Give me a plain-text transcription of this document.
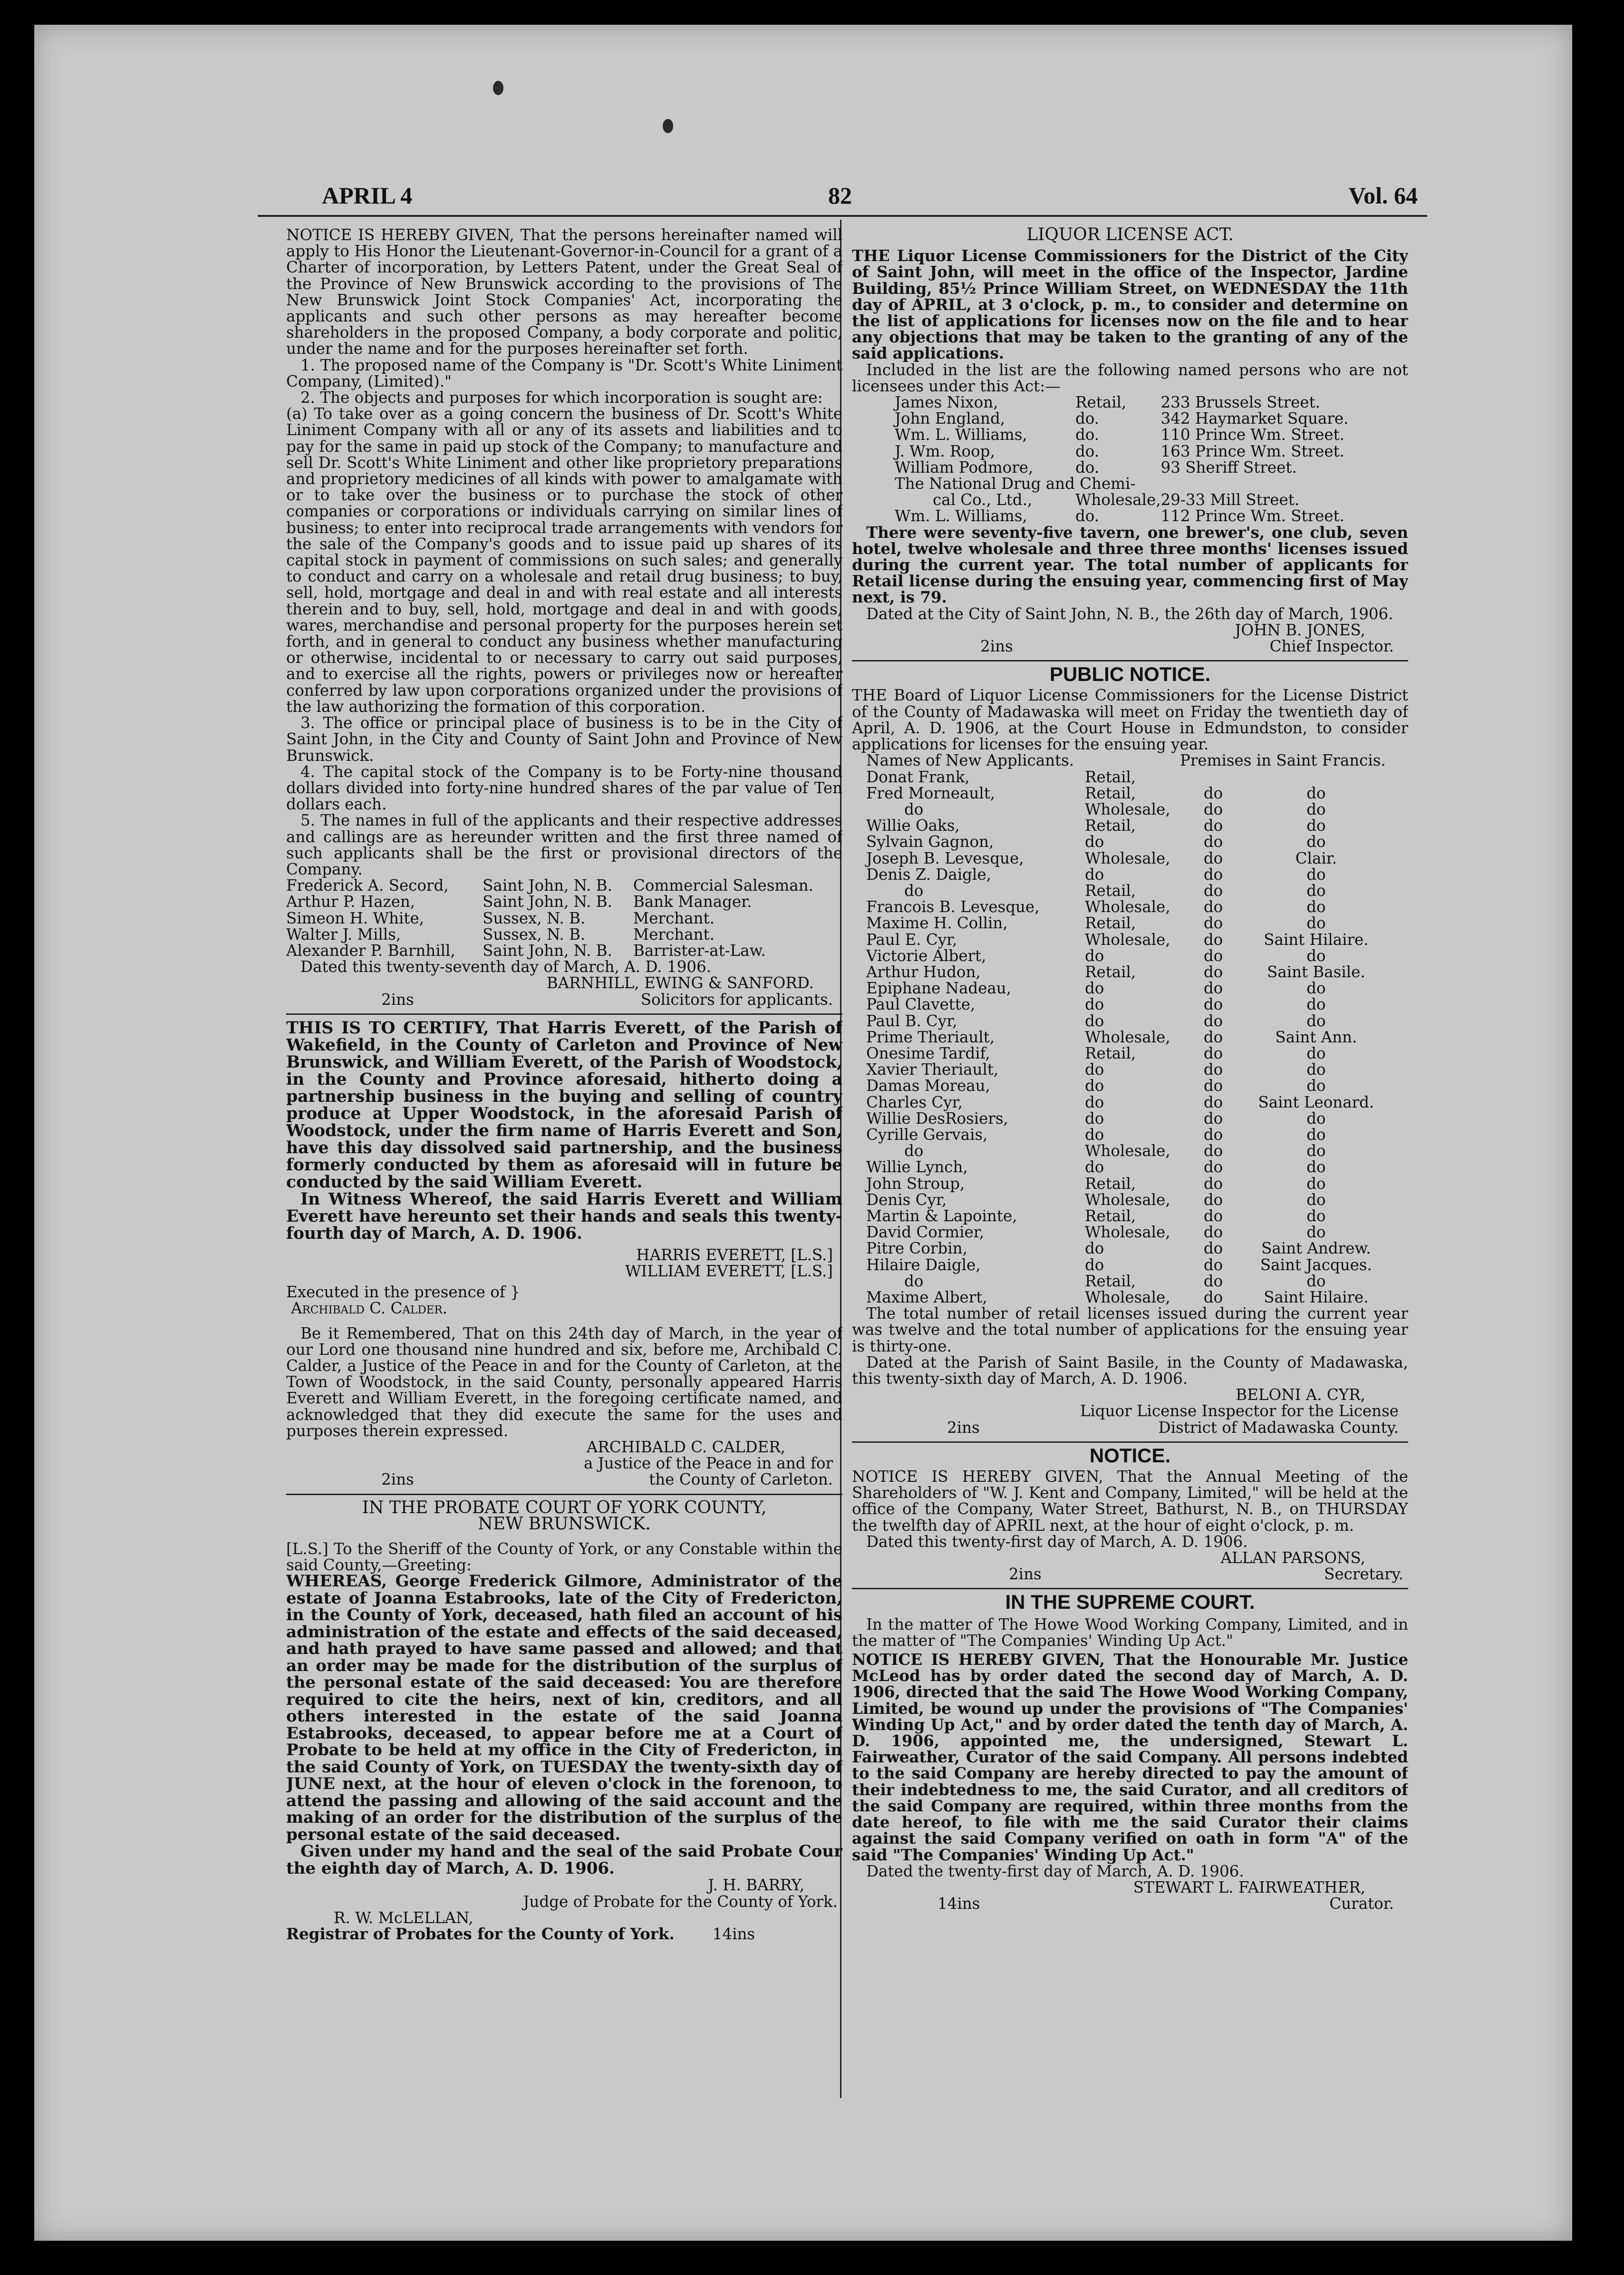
APRIL 4	82	Vol. 64

NOTICE IS HEREBY GIVEN, That the persons hereinafter named will apply to His Honor the Lieutenant-Governor-in-Council for a grant of a Charter of incorporation, by Letters Patent, under the Great Seal of the Province of New Brunswick according to the provisions of The New Brunswick Joint Stock Companies' Act, incorporating the applicants and such other persons as may hereafter become shareholders in the proposed Company, a body corporate and politic, under the name and for the purposes hereinafter set forth.

1. The proposed name of the Company is "Dr. Scott's White Liniment Company, (Limited)."

2. The objects and purposes for which incorporation is sought are:

(a) To take over as a going concern the business of Dr. Scott's White Liniment Company with all or any of its assets and liabilities and to pay for the same in paid up stock of the Company; to manufacture and sell Dr. Scott's White Liniment and other like proprietory preparations and proprietory medicines of all kinds with power to amalgamate with or to take over the business or to purchase the stock of other companies or corporations or individuals carrying on similar lines of business; to enter into reciprocal trade arrangements with vendors for the sale of the Company's goods and to issue paid up shares of its capital stock in payment of commissions on such sales; and generally to conduct and carry on a wholesale and retail drug business; to buy, sell, hold, mortgage and deal in and with real estate and all interests therein and to buy, sell, hold, mortgage and deal in and with goods, wares, merchandise and personal property for the purposes herein set forth, and in general to conduct any business whether manufacturing or otherwise, incidental to or necessary to carry out said purposes, and to exercise all the rights, powers or privileges now or hereafter conferred by law upon corporations organized under the provisions of the law authorizing the formation of this corporation.

3. The office or principal place of business is to be in the City of Saint John, in the City and County of Saint John and Province of New Brunswick.

4. The capital stock of the Company is to be Forty-nine thousand dollars divided into forty-nine hundred shares of the par value of Ten dollars each.

5. The names in full of the applicants and their respective addresses and callings are as hereunder written and the first three named of such applicants shall be the first or provisional directors of the Company.

Frederick A. Secord,	Saint John, N. B.	Commercial Salesman.
Arthur P. Hazen,	Saint John, N. B.	Bank Manager.
Simeon H. White,	Sussex, N. B.	Merchant.
Walter J. Mills,	Sussex, N. B.	Merchant.
Alexander P. Barnhill,	Saint John, N. B.	Barrister-at-Law.

Dated this twenty-seventh day of March, A. D. 1906.

BARNHILL, EWING & SANFORD.

2ins	Solicitors for applicants.

THIS IS TO CERTIFY, That Harris Everett, of the Parish of Wakefield, in the County of Carleton and Province of New Brunswick, and William Everett, of the Parish of Woodstock, in the County and Province aforesaid, hitherto doing a partnership business in the buying and selling of country produce at Upper Woodstock, in the aforesaid Parish of Woodstock, under the firm name of Harris Everett and Son, have this day dissolved said partnership, and the business formerly conducted by them as aforesaid will in future be conducted by the said William Everett.

In Witness Whereof, the said Harris Everett and William Everett have hereunto set their hands and seals this twenty-fourth day of March, A. D. 1906.

HARRIS EVERETT, [L.S.]

WILLIAM EVERETT, [L.S.]

Executed in the presence of }

Archibald C. Calder.

Be it Remembered, That on this 24th day of March, in the year of our Lord one thousand nine hundred and six, before me, Archibald C. Calder, a Justice of the Peace in and for the County of Carleton, at the Town of Woodstock, in the said County, personally appeared Harris Everett and William Everett, in the foregoing certificate named, and acknowledged that they did execute the same for the uses and purposes therein expressed.

ARCHIBALD C. CALDER,

a Justice of the Peace in and for

2ins	the County of Carleton.

IN THE PROBATE COURT OF YORK COUNTY,

NEW BRUNSWICK.

[L.S.] To the Sheriff of the County of York, or any Constable within the said County,—Greeting:

WHEREAS, George Frederick Gilmore, Administrator of the estate of Joanna Estabrooks, late of the City of Fredericton, in the County of York, deceased, hath filed an account of his administration of the estate and effects of the said deceased, and hath prayed to have same passed and allowed; and that an order may be made for the distribution of the surplus of the personal estate of the said deceased: You are therefore required to cite the heirs, next of kin, creditors, and all others interested in the estate of the said Joanna Estabrooks, deceased, to appear before me at a Court of Probate to be held at my office in the City of Fredericton, in the said County of York, on TUESDAY the twenty-sixth day of JUNE next, at the hour of eleven o'clock in the forenoon, to attend the passing and allowing of the said account and the making of an order for the distribution of the surplus of the personal estate of the said deceased.

Given under my hand and the seal of the said Probate Cour the eighth day of March, A. D. 1906.

J. H. BARRY,

Judge of Probate for the County of York.

R. W. McLELLAN,

Registrar of Probates for the County of York. 14ins

LIQUOR LICENSE ACT.

THE Liquor License Commissioners for the District of the City of Saint John, will meet in the office of the Inspector, Jardine Building, 85½ Prince William Street, on WEDNESDAY the 11th day of APRIL, at 3 o'clock, p. m., to consider and determine on the list of applications for licenses now on the file and to hear any objections that may be taken to the granting of any of the said applications.

Included in the list are the following named persons who are not licensees under this Act:—

James Nixon,	Retail,	233 Brussels Street.
John England,	do.	342 Haymarket Square.
Wm. L. Williams,	do.	110 Prince Wm. Street.
J. Wm. Roop,	do.	163 Prince Wm. Street.
William Podmore,	do.	93 Sheriff Street.
The National Drug and Chemi-		
cal Co., Ltd.,	Wholesale,	29-33 Mill Street.
Wm. L. Williams,	do.	112 Prince Wm. Street.

There were seventy-five tavern, one brewer's, one club, seven hotel, twelve wholesale and three three months' licenses issued during the current year. The total number of applicants for Retail license during the ensuing year, commencing first of May next, is 79.

Dated at the City of Saint John, N. B., the 26th day of March, 1906.

JOHN B. JONES,

2ins	Chief Inspector.

PUBLIC NOTICE.

THE Board of Liquor License Commissioners for the License District of the County of Madawaska will meet on Friday the twentieth day of April, A. D. 1906, at the Court House in Edmundston, to consider applications for licenses for the ensuing year.

Names of New Applicants.		Premises in Saint Francis.	
Donat Frank,	Retail,		
Fred Morneault,	Retail,	do	do
do	Wholesale,	do	do
Willie Oaks,	Retail,	do	do
Sylvain Gagnon,	do	do	do
Joseph B. Levesque,	Wholesale,	do	Clair.
Denis Z. Daigle,	do	do	do
do	Retail,	do	do
Francois B. Levesque,	Wholesale,	do	do
Maxime H. Collin,	Retail,	do	do
Paul E. Cyr,	Wholesale,	do	Saint Hilaire.
Victorie Albert,	do	do	do
Arthur Hudon,	Retail,	do	Saint Basile.
Epiphane Nadeau,	do	do	do
Paul Clavette,	do	do	do
Paul B. Cyr,	do	do	do
Prime Theriault,	Wholesale,	do	Saint Ann.
Onesime Tardif,	Retail,	do	do
Xavier Theriault,	do	do	do
Damas Moreau,	do	do	do
Charles Cyr,	do	do	Saint Leonard.
Willie DesRosiers,	do	do	do
Cyrille Gervais,	do	do	do
do	Wholesale,	do	do
Willie Lynch,	do	do	do
John Stroup,	Retail,	do	do
Denis Cyr,	Wholesale,	do	do
Martin & Lapointe,	Retail,	do	do
David Cormier,	Wholesale,	do	do
Pitre Corbin,	do	do	Saint Andrew.
Hilaire Daigle,	do	do	Saint Jacques.
do	Retail,	do	do
Maxime Albert,	Wholesale,	do	Saint Hilaire.

The total number of retail licenses issued during the current year was twelve and the total number of applications for the ensuing year is thirty-one.

Dated at the Parish of Saint Basile, in the County of Madawaska, this twenty-sixth day of March, A. D. 1906.

BELONI A. CYR,

Liquor License Inspector for the License

2ins	District of Madawaska County.

NOTICE.

NOTICE IS HEREBY GIVEN, That the Annual Meeting of the Shareholders of "W. J. Kent and Company, Limited," will be held at the office of the Company, Water Street, Bathurst, N. B., on THURSDAY the twelfth day of APRIL next, at the hour of eight o'clock, p. m.

Dated this twenty-first day of March, A. D. 1906.

ALLAN PARSONS,

2ins	Secretary.

IN THE SUPREME COURT.

In the matter of The Howe Wood Working Company, Limited, and in the matter of "The Companies' Winding Up Act."

NOTICE IS HEREBY GIVEN, That the Honourable Mr. Justice McLeod has by order dated the second day of March, A. D. 1906, directed that the said The Howe Wood Working Company, Limited, be wound up under the provisions of "The Companies' Winding Up Act," and by order dated the tenth day of March, A. D. 1906, appointed me, the undersigned, Stewart L. Fairweather, Curator of the said Company. All persons indebted to the said Company are hereby directed to pay the amount of their indebtedness to me, the said Curator, and all creditors of the said Company are required, within three months from the date hereof, to file with me the said Curator their claims against the said Company verified on oath in form "A" of the said "The Companies' Winding Up Act."

Dated the twenty-first day of March, A. D. 1906.

STEWART L. FAIRWEATHER,

14ins	Curator.
